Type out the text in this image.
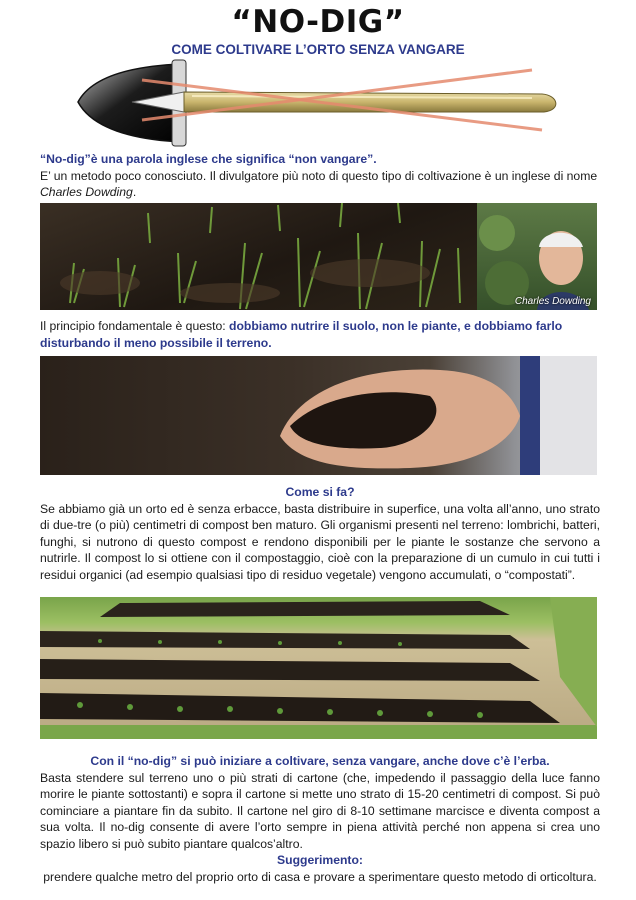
“NO-DIG”
COME COLTIVARE L’ORTO SENZA VANGARE
“No-dig”è una parola inglese che significa “non vangare”.
E’ un metodo poco conosciuto. Il divulgatore più noto di questo tipo di coltivazione è un inglese di nome Charles Dowding.
Charles Dowding
Il principio fondamentale è questo: dobbiamo nutrire il suolo, non le piante, e dobbiamo farlo disturbando il meno possibile il terreno.
Come si fa?
Se abbiamo già un orto ed è senza erbacce, basta distribuire in superfice, una volta all’anno, uno strato di due-tre (o più) centimetri di compost ben maturo. Gli organismi presenti nel terreno: lombrichi, batteri, funghi, si nutrono di questo compost e rendono disponibili per le piante le sostanze che servono a nutrirle. Il compost lo si ottiene con il compostaggio, cioè con la preparazione di un cumulo in cui tutti i residui organici (ad esempio qualsiasi tipo di residuo vegetale) vengono accumulati, o “compostati”.
Con il “no-dig” si può iniziare a coltivare, senza vangare, anche dove c’è l’erba.
Basta stendere sul terreno uno o più strati di cartone (che, impedendo il passaggio della luce fanno morire le piante sottostanti) e sopra il cartone si mette uno strato di 15-20 centimetri di compost. Si può cominciare a piantare fin da subito. Il cartone nel giro di 8-10 settimane marcisce e diventa compost a sua volta. Il no-dig consente di avere l’orto sempre in piena attività perché non appena si crea uno spazio libero si può subito piantare qualcos’altro.
Suggerimento:
prendere qualche metro del proprio orto di casa e provare a sperimentare questo metodo di orticoltura.
